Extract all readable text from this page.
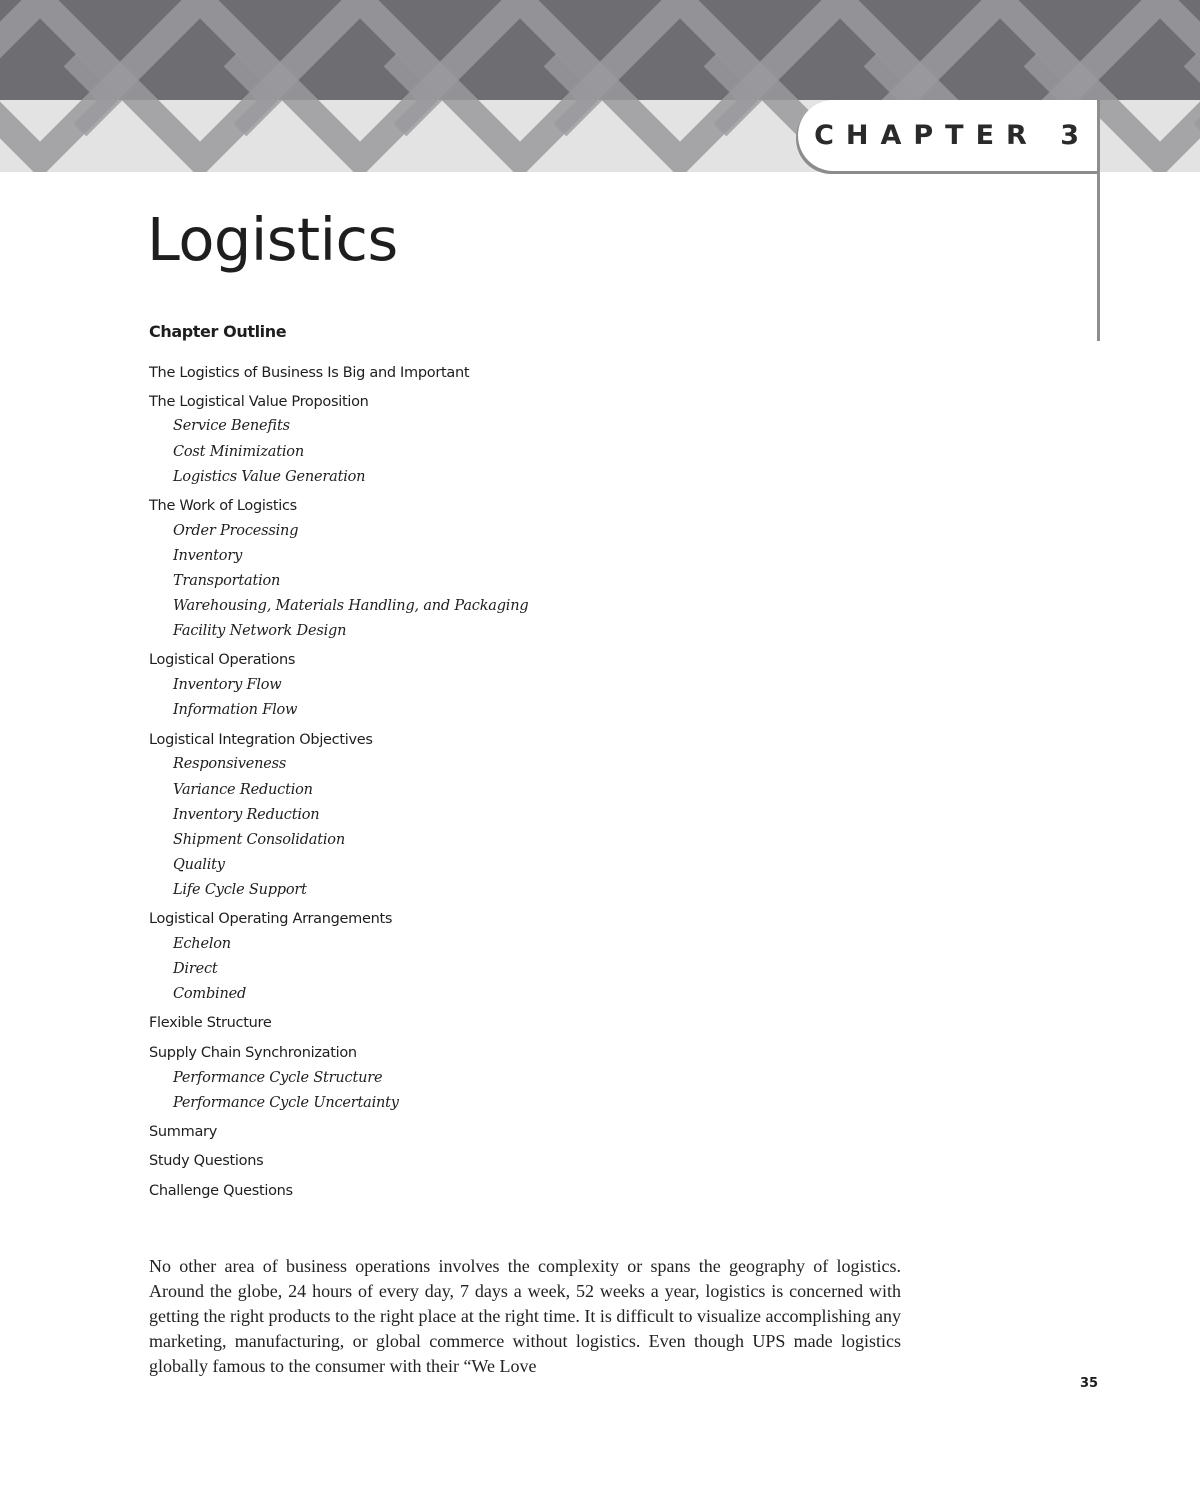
CHAPTER 3
Logistics
Chapter Outline
The Logistics of Business Is Big and Important
The Logistical Value Proposition
Service Benefits
Cost Minimization
Logistics Value Generation
The Work of Logistics
Order Processing
Inventory
Transportation
Warehousing, Materials Handling, and Packaging
Facility Network Design
Logistical Operations
Inventory Flow
Information Flow
Logistical Integration Objectives
Responsiveness
Variance Reduction
Inventory Reduction
Shipment Consolidation
Quality
Life Cycle Support
Logistical Operating Arrangements
Echelon
Direct
Combined
Flexible Structure
Supply Chain Synchronization
Performance Cycle Structure
Performance Cycle Uncertainty
Summary
Study Questions
Challenge Questions

No other area of business operations involves the complexity or spans the geography of logistics. Around the globe, 24 hours of every day, 7 days a week, 52 weeks a year, logistics is concerned with getting the right products to the right place at the right time. It is difficult to visualize accomplishing any marketing, manufacturing, or global commerce without logistics. Even though UPS made logistics globally famous to the consumer with their “We Love

35
